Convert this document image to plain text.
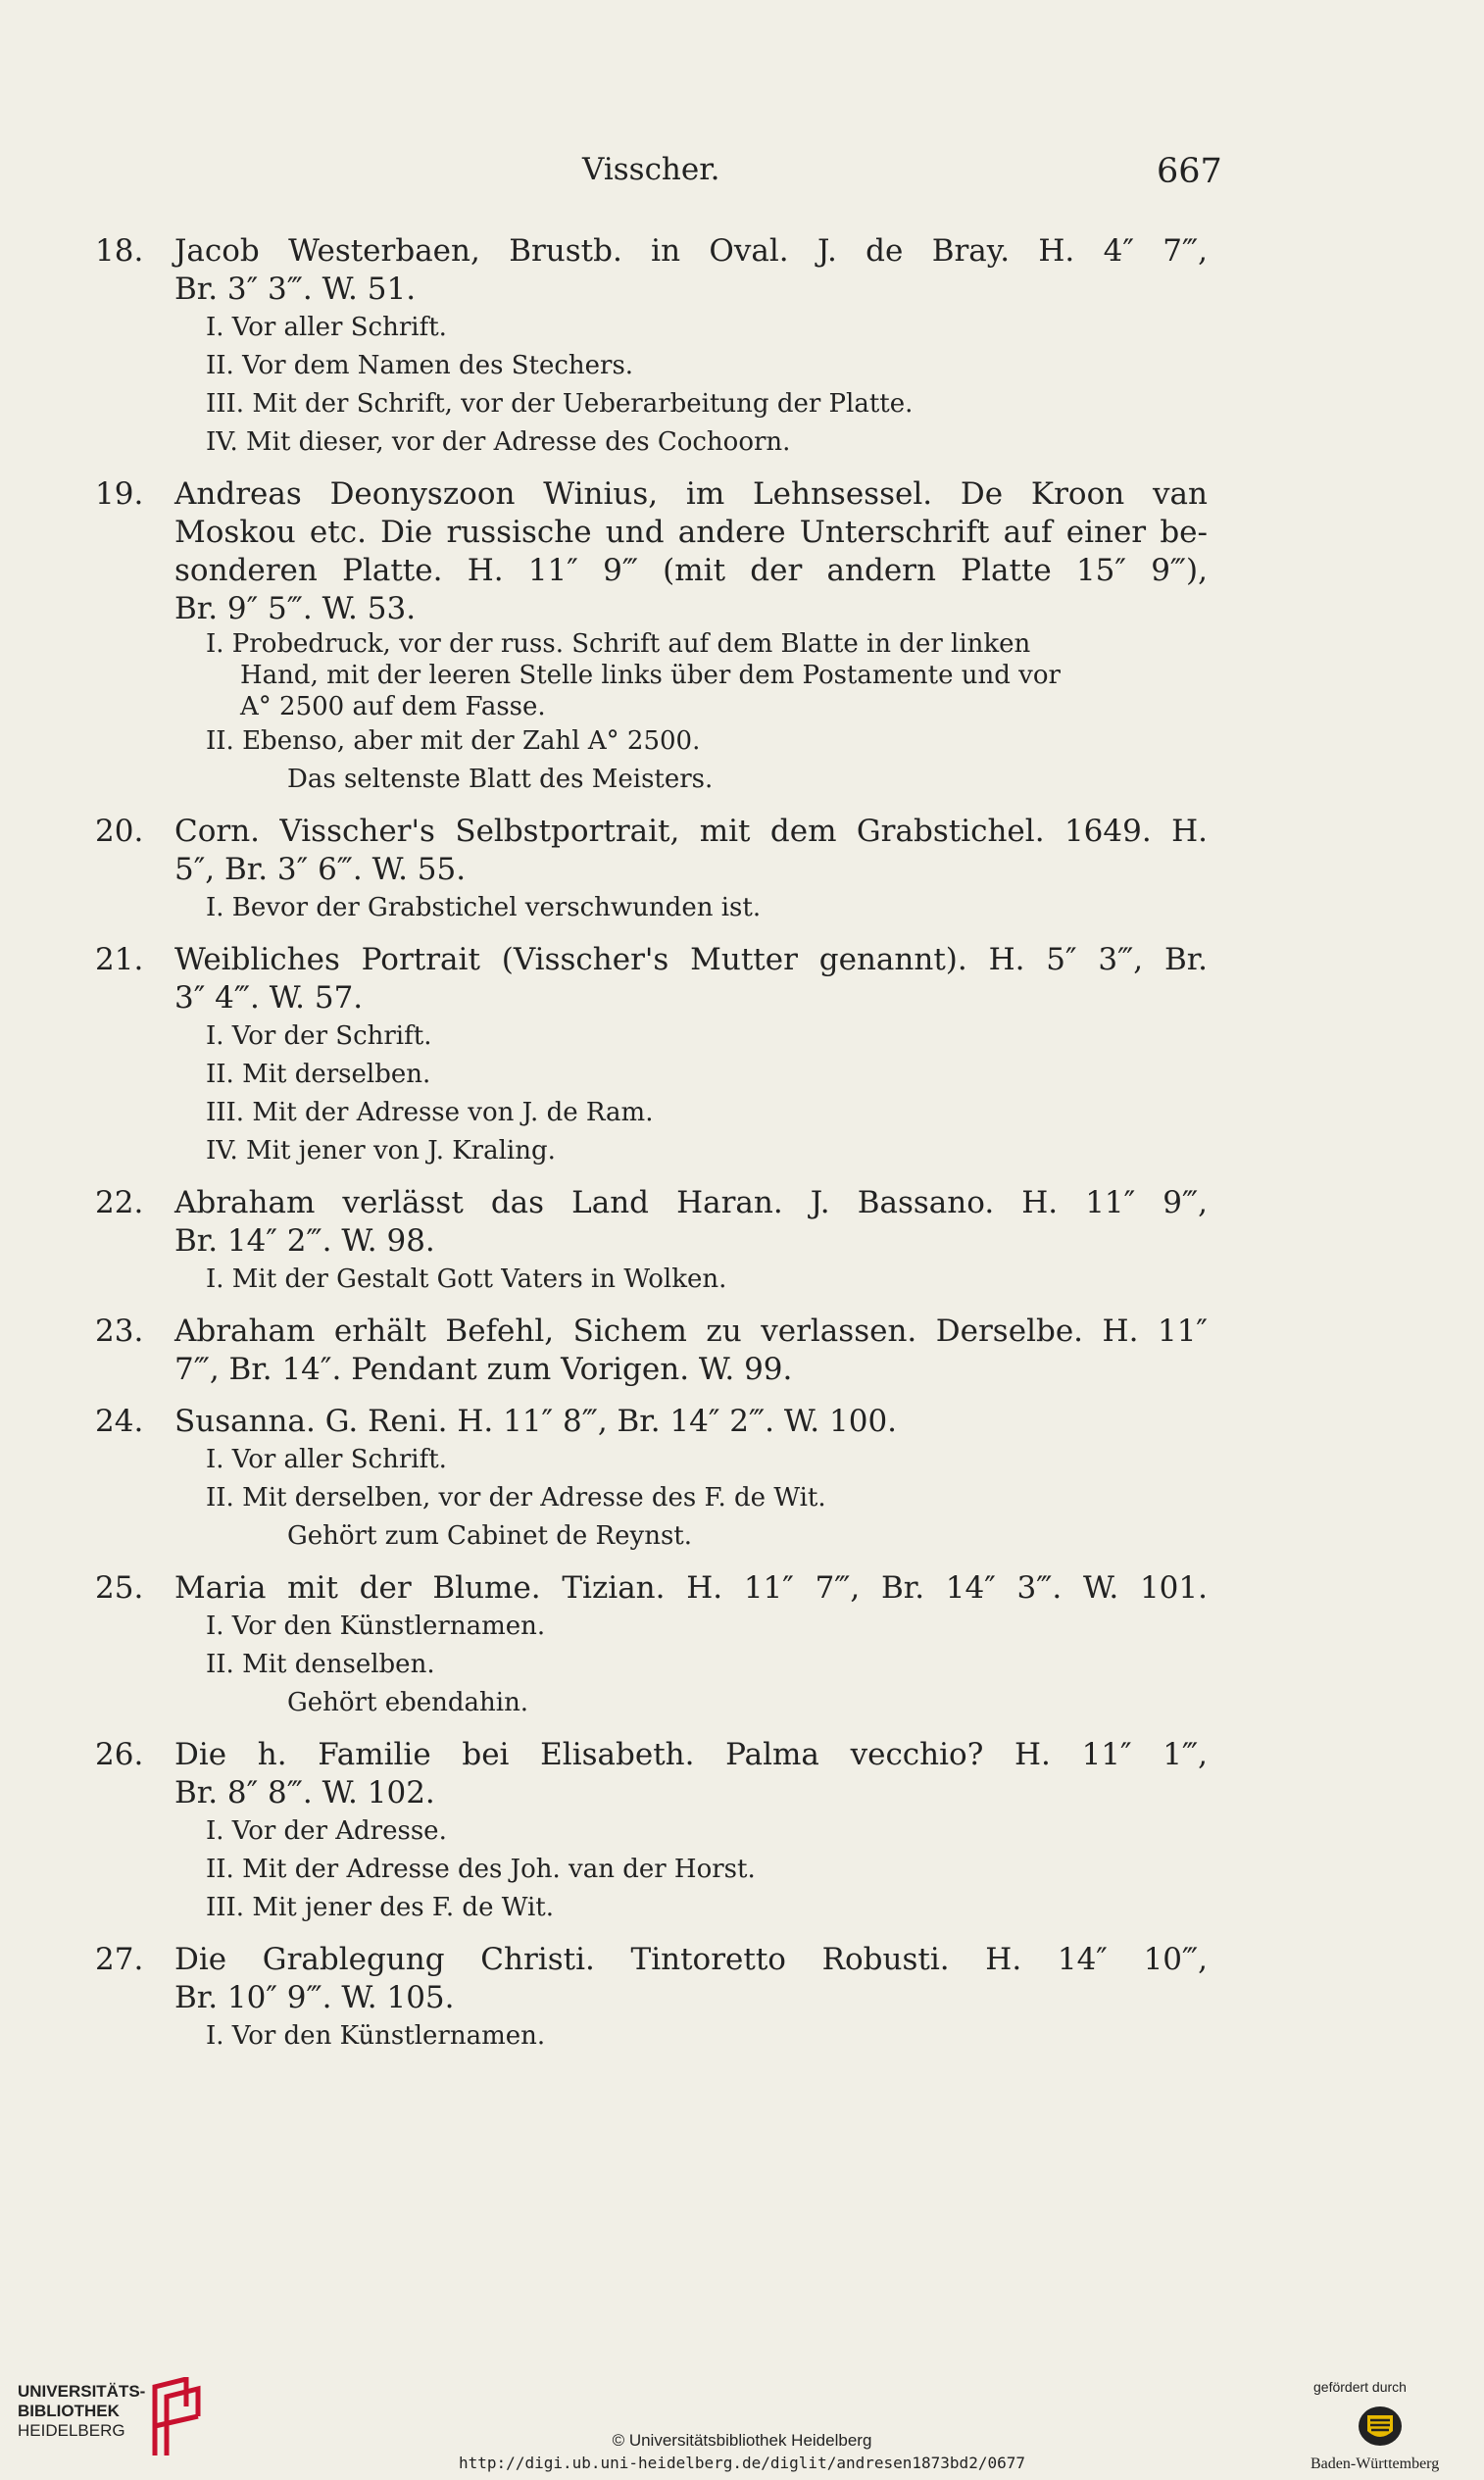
Visscher.	667
18.	Jacob Westerbaen, Brustb. in Oval. J. de Bray. H. 4″ 7‴,
Br. 3″ 3‴. W. 51.
I. Vor aller Schrift.
II. Vor dem Namen des Stechers.
III. Mit der Schrift, vor der Ueberarbeitung der Platte.
IV. Mit dieser, vor der Adresse des Cochoorn.
19.	Andreas Deonyszoon Winius, im Lehnsessel. De Kroon van
Moskou etc. Die russische und andere Unterschrift auf einer be-
sonderen Platte. H. 11″ 9‴ (mit der andern Platte 15″ 9‴),
Br. 9″ 5‴. W. 53.
I. Probedruck, vor der russ. Schrift auf dem Blatte in der linken
Hand, mit der leeren Stelle links über dem Postamente und vor
A° 2500 auf dem Fasse.
II. Ebenso, aber mit der Zahl A° 2500.
Das seltenste Blatt des Meisters.
20.	Corn. Visscher's Selbstportrait, mit dem Grabstichel. 1649. H.
5″, Br. 3″ 6‴. W. 55.
I. Bevor der Grabstichel verschwunden ist.
21.	Weibliches Portrait (Visscher's Mutter genannt). H. 5″ 3‴, Br.
3″ 4‴. W. 57.
I. Vor der Schrift.
II. Mit derselben.
III. Mit der Adresse von J. de Ram.
IV. Mit jener von J. Kraling.
22.	Abraham verlässt das Land Haran. J. Bassano. H. 11″ 9‴,
Br. 14″ 2‴. W. 98.
I. Mit der Gestalt Gott Vaters in Wolken.
23.	Abraham erhält Befehl, Sichem zu verlassen. Derselbe. H. 11″
7‴, Br. 14″. Pendant zum Vorigen. W. 99.
24.	Susanna. G. Reni. H. 11″ 8‴, Br. 14″ 2‴. W. 100.
I. Vor aller Schrift.
II. Mit derselben, vor der Adresse des F. de Wit.
Gehört zum Cabinet de Reynst.
25.	Maria mit der Blume. Tizian. H. 11″ 7‴, Br. 14″ 3‴. W. 101.
I. Vor den Künstlernamen.
II. Mit denselben.
Gehört ebendahin.
26.	Die h. Familie bei Elisabeth. Palma vecchio? H. 11″ 1‴,
Br. 8″ 8‴. W. 102.
I. Vor der Adresse.
II. Mit der Adresse des Joh. van der Horst.
III. Mit jener des F. de Wit.
27.	Die Grablegung Christi. Tintoretto Robusti. H. 14″ 10‴,
Br. 10″ 9‴. W. 105.
I. Vor den Künstlernamen.
UNIVERSITÄTS-
BIBLIOTHEK
HEIDELBERG
© Universitätsbibliothek Heidelberg
http://digi.ub.uni-heidelberg.de/diglit/andresen1873bd2/0677
gefördert durch
Baden-Württemberg
